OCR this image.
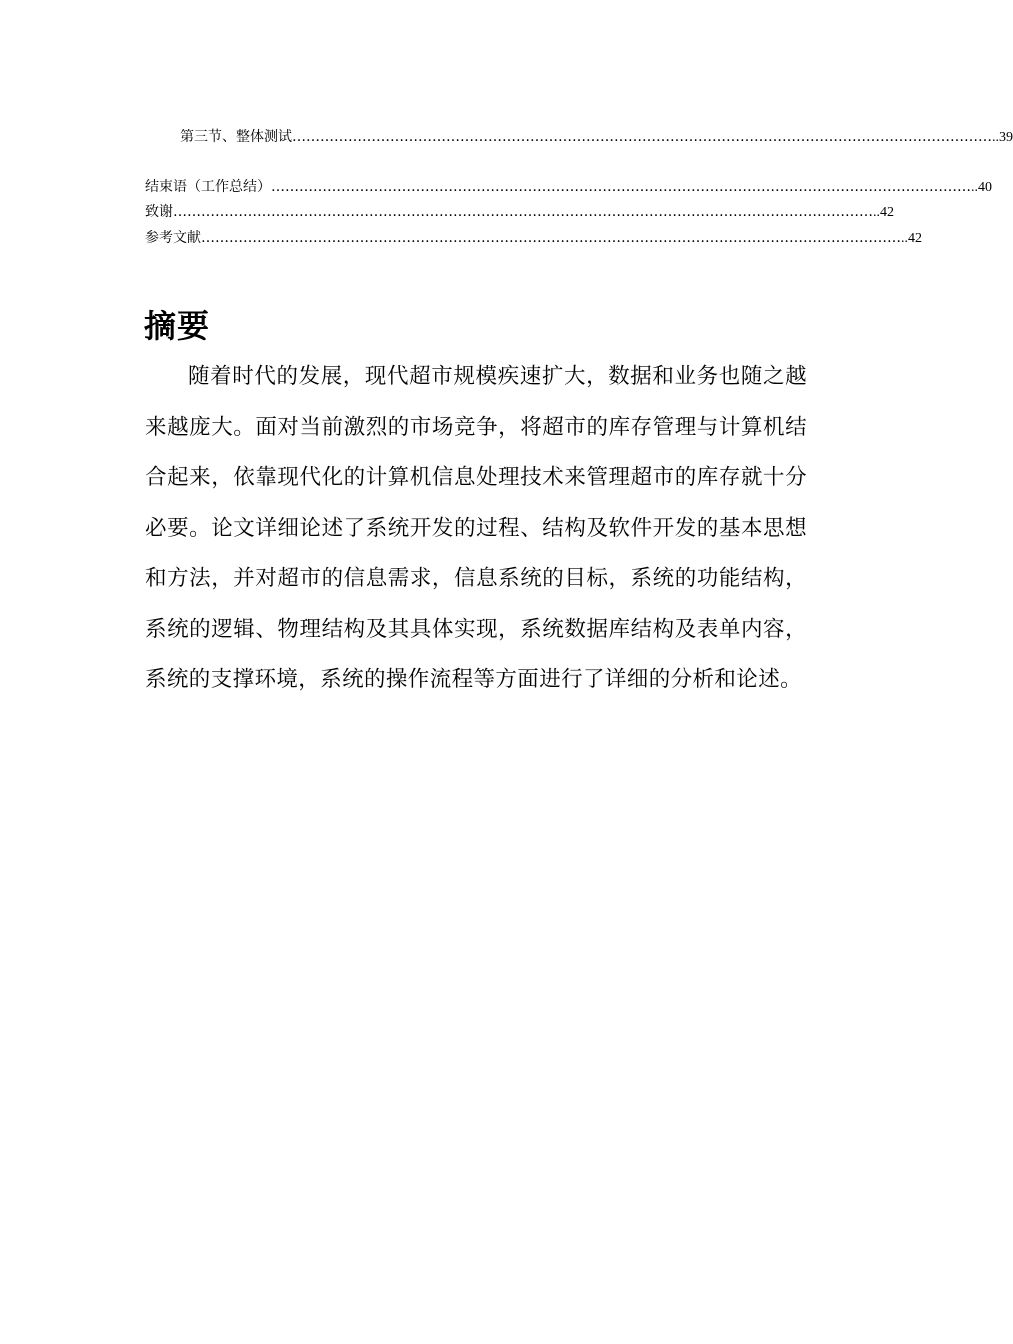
第三节、整体测试 …………………………………………………………………………………………………………………………………… ..39
结束语（工作总结） …………………………………………………………………………………………………………………………………… ..40
致谢 …………………………………………………………………………………………………………………………………… ..42
参考文献 …………………………………………………………………………………………………………………………………… ..42
摘要

随着时代的发展，现代超市规模疾速扩大，数据和业务也随之越来越庞大。面对当前激烈的市场竞争，将超市的库存管理与计算机结合起来，依靠现代化的计算机信息处理技术来管理超市的库存就十分必要。论文详细论述了系统开发的过程、结构及软件开发的基本思想和方法，并对超市的信息需求，信息系统的目标，系统的功能结构，系统的逻辑、物理结构及其具体实现，系统数据库结构及表单内容，系统的支撑环境，系统的操作流程等方面进行了详细的分析和论述。
